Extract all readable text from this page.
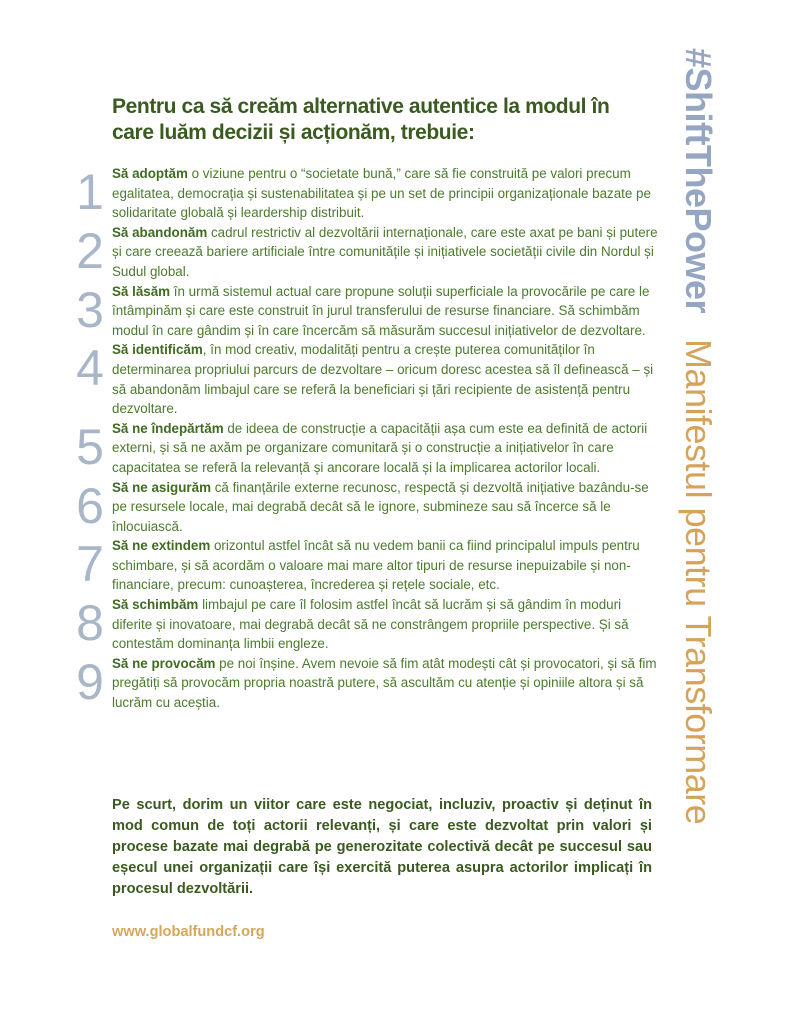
Pentru ca să creăm alternative autentice la modul în care luăm decizii și acționăm, trebuie:
1 Să adoptăm o viziune pentru o “societate bună,” care să fie construită pe valori precum egalitatea, democrația și sustenabilitatea și pe un set de principii organizaționale bazate pe solidaritate globală și leardership distribuit.

2 Să abandonăm cadrul restrictiv al dezvoltării internaționale, care este axat pe bani și putere și care creează bariere artificiale între comunitățile și inițiativele societății civile din Nordul și Sudul global.

3 Să lăsăm în urmă sistemul actual care propune soluții superficiale la provocările pe care le întâmpinăm și care este construit în jurul transferului de resurse financiare. Să schimbăm modul în care gândim și în care încercăm să măsurăm succesul inițiativelor de dezvoltare.

4 Să identificăm, în mod creativ, modalități pentru a crește puterea comunităților în determinarea propriului parcurs de dezvoltare – oricum doresc acestea să îl definească – și să abandonăm limbajul care se referă la beneficiari și țări recipiente de asistență pentru dezvoltare.

5 Să ne îndepărtăm de ideea de construcție a capacității așa cum este ea definită de actorii externi, și să ne axăm pe organizare comunitară și o construcție a inițiativelor în care capacitatea se referă la relevanță și ancorare locală și la implicarea actorilor locali.

6 Să ne asigurăm că finanțările externe recunosc, respectă și dezvoltă inițiative bazându-se pe resursele locale, mai degrabă decât să le ignore, submineze sau să încerce să le înlocuiască.

7 Să ne extindem orizontul astfel încât să nu vedem banii ca fiind principalul impuls pentru schimbare, și să acordăm o valoare mai mare altor tipuri de resurse inepuizabile și non-financiare, precum: cunoașterea, încrederea și rețele sociale, etc.

8 Să schimbăm limbajul pe care îl folosim astfel încât să lucrăm și să gândim în moduri diferite și inovatoare, mai degrabă decât să ne constrângem propriile perspective. Și să contestăm dominanța limbii engleze.

9 Să ne provocăm pe noi înșine. Avem nevoie să fim atât modești cât și provocatori, și să fim pregătiți să provocăm propria noastră putere, să ascultăm cu atenție și opiniile altora și să lucrăm cu aceștia.

Pe scurt, dorim un viitor care este negociat, incluziv, proactiv și deținut în mod comun de toți actorii relevanți, și care este dezvoltat prin valori și procese bazate mai degrabă pe generozitate colectivă decât pe succesul sau eșecul unei organizații care își exercită puterea asupra actorilor implicați în procesul dezvoltării.

www.globalfundcf.org

#ShiftThePower Manifestul pentru Transformare
